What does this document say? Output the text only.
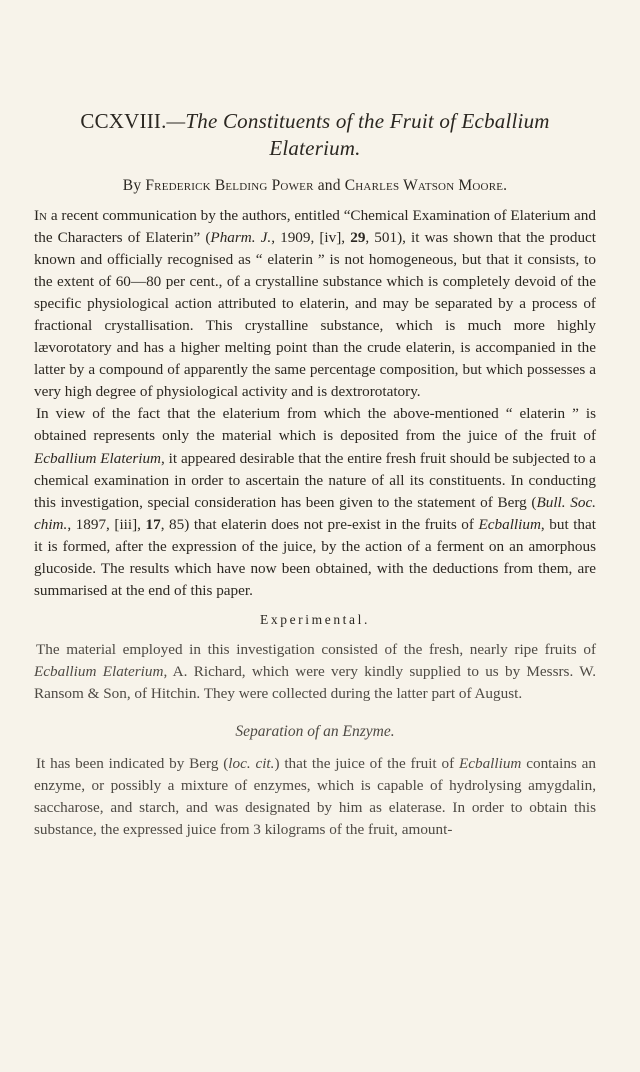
CCXVIII.—The Constituents of the Fruit of Ecballium
Elaterium.
By Frederick Belding Power and Charles Watson Moore.

In a recent communication by the authors, entitled “Chemical Examination of Elaterium and the Characters of Elaterin” (Pharm. J., 1909, [iv], 29, 501), it was shown that the product known and officially recognised as “ elaterin ” is not homogeneous, but that it consists, to the extent of 60—80 per cent., of a crystalline substance which is completely devoid of the specific physiological action attributed to elaterin, and may be separated by a process of fractional crystallisation. This crystalline substance, which is much more highly lævorotatory and has a higher melting point than the crude elaterin, is accompanied in the latter by a compound of apparently the same percentage composition, but which possesses a very high degree of physiological activity and is dextrorotatory.

In view of the fact that the elaterium from which the above-mentioned “ elaterin ” is obtained represents only the material which is deposited from the juice of the fruit of Ecballium Elaterium, it appeared desirable that the entire fresh fruit should be subjected to a chemical examination in order to ascertain the nature of all its constituents. In conducting this investigation, special consideration has been given to the statement of Berg (Bull. Soc. chim., 1897, [iii], 17, 85) that elaterin does not pre-exist in the fruits of Ecballium, but that it is formed, after the expression of the juice, by the action of a ferment on an amorphous glucoside. The results which have now been obtained, with the deductions from them, are summarised at the end of this paper.

Experimental.

The material employed in this investigation consisted of the fresh, nearly ripe fruits of Ecballium Elaterium, A. Richard, which were very kindly supplied to us by Messrs. W. Ransom & Son, of Hitchin. They were collected during the latter part of August.

Separation of an Enzyme.

It has been indicated by Berg (loc. cit.) that the juice of the fruit of Ecballium contains an enzyme, or possibly a mixture of enzymes, which is capable of hydrolysing amygdalin, saccharose, and starch, and was designated by him as elaterase. In order to obtain this substance, the expressed juice from 3 kilograms of the fruit, amount-
